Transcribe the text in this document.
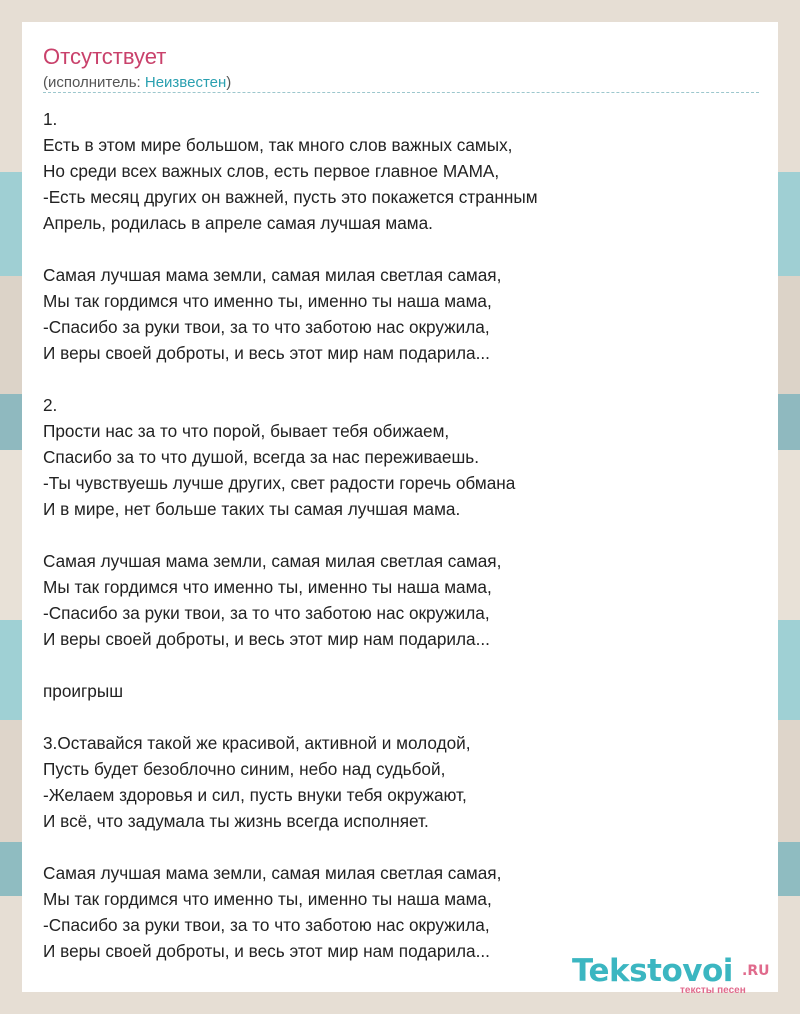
Отсутствует
(исполнитель: Неизвестен)
1.
Есть в этом мире большом, так много слов важных самых,
Но среди всех важных слов, есть первое главное МАМА,
-Есть месяц других он важней, пусть это покажется странным
Апрель, родилась в апреле самая лучшая мама.
Самая лучшая мама земли, самая милая светлая самая,
Мы так гордимся что именно ты, именно ты наша мама,
-Спасибо за руки твои, за то что заботою нас окружила,
И веры своей доброты, и весь этот мир нам подарила...
2.
Прости нас за то что порой, бывает тебя обижаем,
Спасибо за то что душой, всегда за нас переживаешь.
-Ты чувствуешь лучше других, свет радости горечь обмана
И в мире, нет больше таких ты самая лучшая мама.
Самая лучшая мама земли, самая милая светлая самая,
Мы так гордимся что именно ты, именно ты наша мама,
-Спасибо за руки твои, за то что заботою нас окружила,
И веры своей доброты, и весь этот мир нам подарила...
проигрыш
3.Оставайся такой же красивой, активной и молодой,
Пусть будет безоблочно синим, небо над судьбой,
-Желаем здоровья и сил, пусть внуки тебя окружают,
И всё, что задумала ты жизнь всегда исполняет.
Самая лучшая мама земли, самая милая светлая самая,
Мы так гордимся что именно ты, именно ты наша мама,
-Спасибо за руки твои, за то что заботою нас окружила,
И веры своей доброты, и весь этот мир нам подарила...
Tekstovoi .RU
тексты песен
